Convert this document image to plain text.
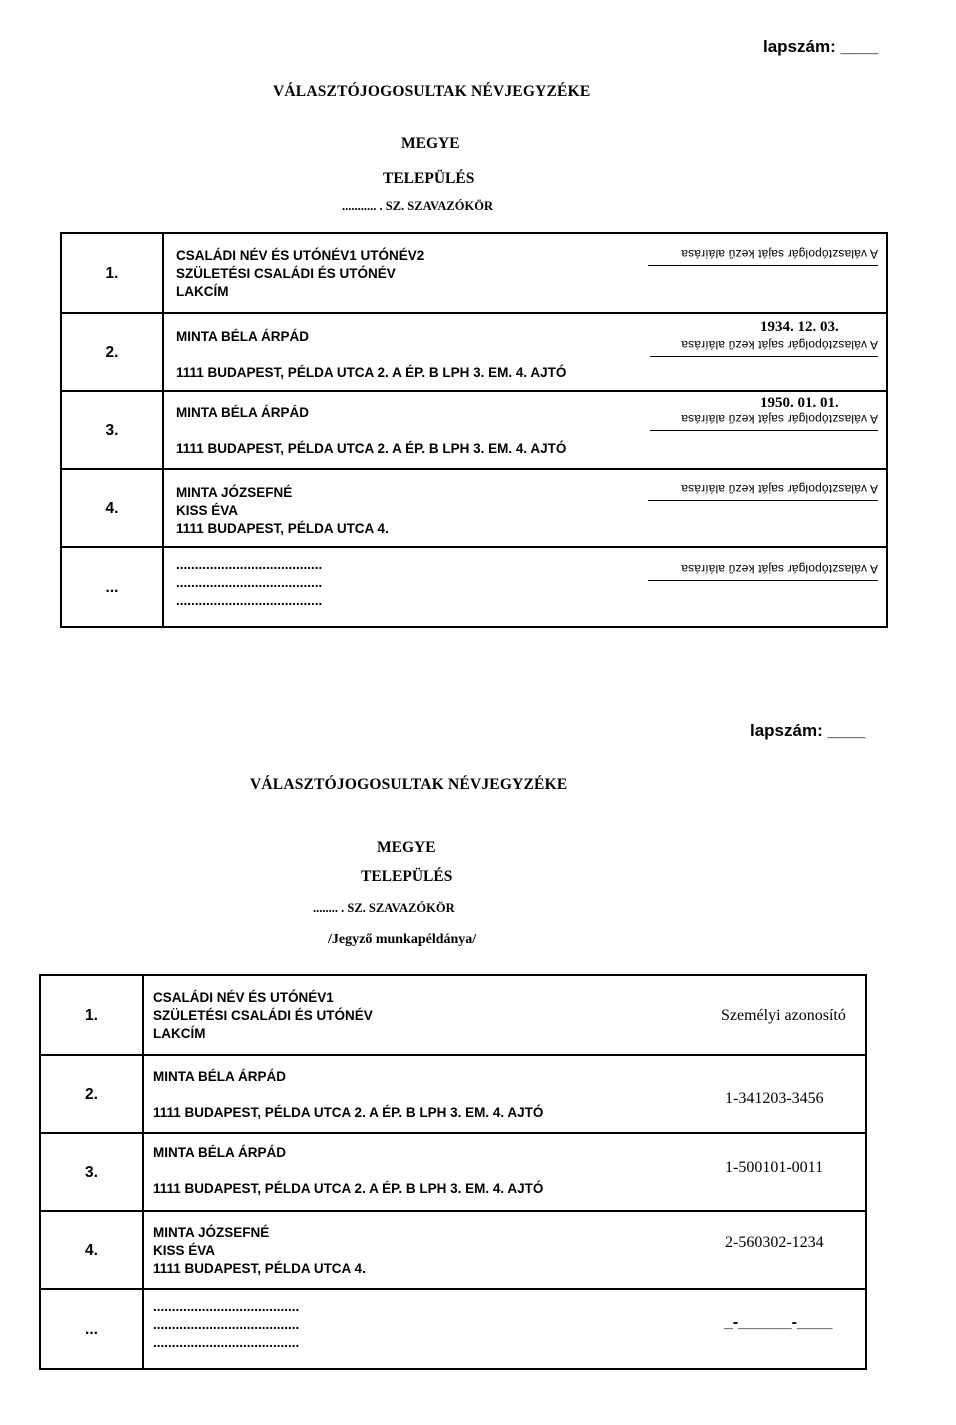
lapszám: ____
VÁLASZTÓJOGOSULTAK NÉVJEGYZÉKE
MEGYE
TELEPÜLÉS
........... . SZ. SZAVAZÓKÖR
1.
CSALÁDI NÉV ÉS UTÓNÉV1 UTÓNÉV2
SZÜLETÉSI CSALÁDI ÉS UTÓNÉV
LAKCÍM
A választópolgár saját kezű aláírása
2.
MINTA BÉLA ÁRPÁD
1111 BUDAPEST, PÉLDA UTCA 2. A ÉP. B LPH 3. EM. 4. AJTÓ
1934. 12. 03.
A választópolgár saját kezű aláírása
3.
MINTA BÉLA ÁRPÁD
1111 BUDAPEST, PÉLDA UTCA 2. A ÉP. B LPH 3. EM. 4. AJTÓ
1950. 01. 01.
A választópolgár saját kezű aláírása
4.
MINTA JÓZSEFNÉ
KISS ÉVA
1111 BUDAPEST, PÉLDA UTCA 4.
A választópolgár saját kezű aláírása
...
.......................................
.......................................
.......................................
A választópolgár saját kezű aláírása
lapszám: ____
VÁLASZTÓJOGOSULTAK NÉVJEGYZÉKE
MEGYE
TELEPÜLÉS
........ . SZ. SZAVAZÓKÖR
/Jegyző munkapéldánya/
1.
CSALÁDI NÉV ÉS UTÓNÉV1
SZÜLETÉSI CSALÁDI ÉS UTÓNÉV
LAKCÍM
Személyi azonosító
2.
MINTA BÉLA ÁRPÁD
1111 BUDAPEST, PÉLDA UTCA 2. A ÉP. B LPH 3. EM. 4. AJTÓ
1-341203-3456
3.
MINTA BÉLA ÁRPÁD
1111 BUDAPEST, PÉLDA UTCA 2. A ÉP. B LPH 3. EM. 4. AJTÓ
1-500101-0011
4.
MINTA JÓZSEFNÉ
KISS ÉVA
1111 BUDAPEST, PÉLDA UTCA 4.
2-560302-1234
...
.......................................
.......................................
.......................................
_-______-____
